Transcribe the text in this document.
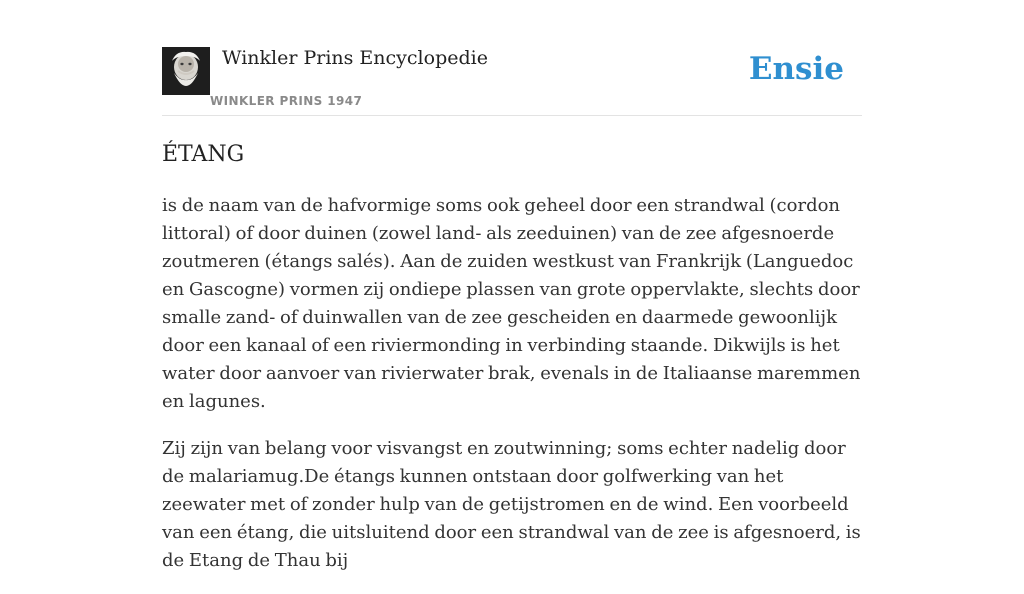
Winkler Prins Encyclopedie
WINKLER PRINS 1947
Ensie
ÉTANG

is de naam van de hafvormige soms ook geheel door een strandwal (cordon littoral) of door duinen (zowel land- als zeeduinen) van de zee afgesnoerde zoutmeren (étangs salés). Aan de zuiden westkust van Frankrijk (Languedoc en Gascogne) vormen zij ondiepe plassen van grote oppervlakte, slechts door smalle zand- of duinwallen van de zee gescheiden en daarmede gewoonlijk door een kanaal of een riviermonding in verbinding staande. Dikwijls is het water door aanvoer van rivierwater brak, evenals in de Italiaanse maremmen en lagunes.

Zij zijn van belang voor visvangst en zoutwinning; soms echter nadelig door de malariamug.De étangs kunnen ontstaan door golfwerking van het zeewater met of zonder hulp van de getijstromen en de wind. Een voorbeeld van een étang, die uitsluitend door een strandwal van de zee is afgesnoerd, is de Etang de Thau bij
